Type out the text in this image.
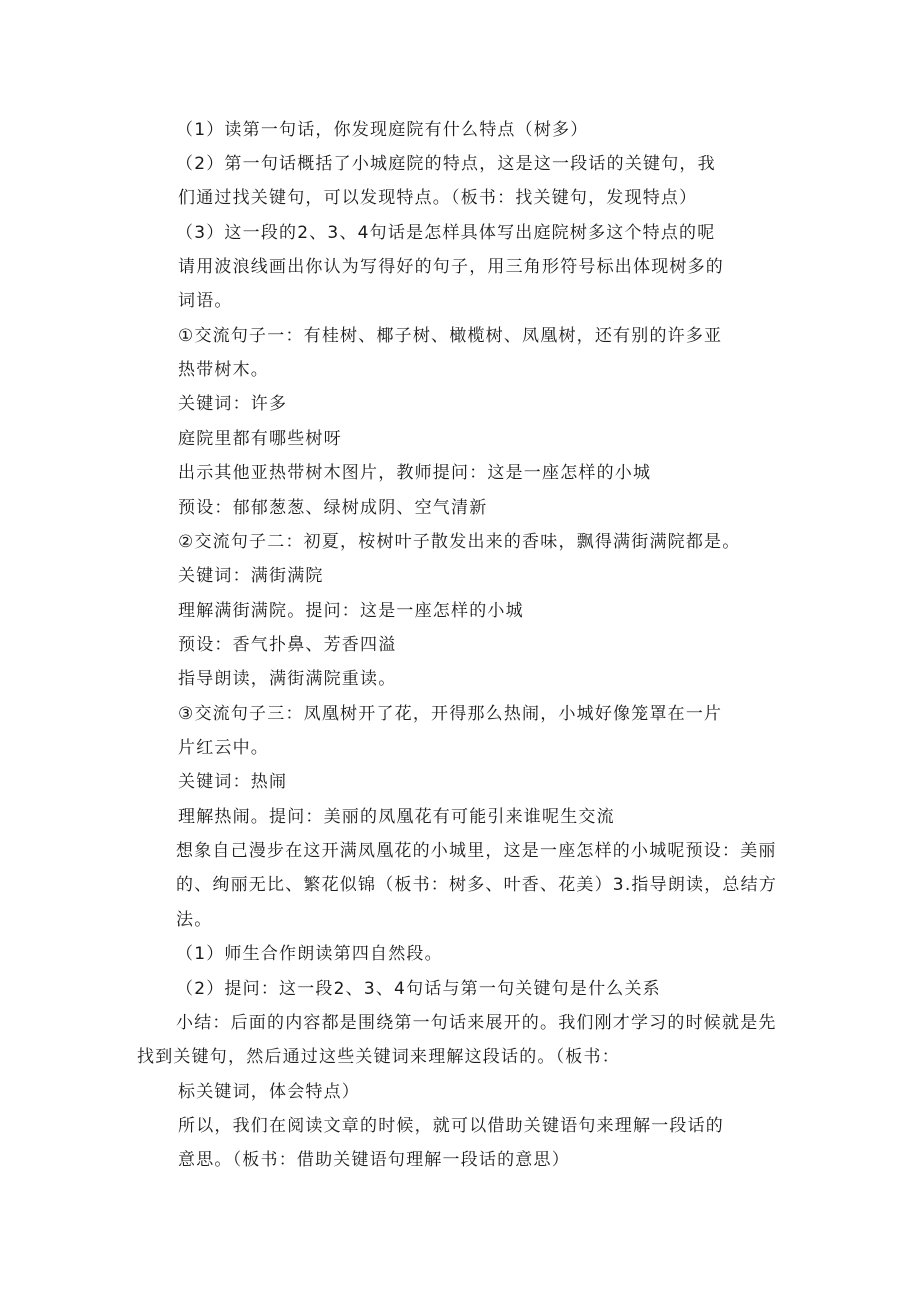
（1）读第一句话，你发现庭院有什么特点（树多）
（2）第一句话概括了小城庭院的特点，这是这一段话的关键句，我
们通过找关键句，可以发现特点。（板书：找关键句，发现特点）
（3）这一段的2、3、4句话是怎样具体写出庭院树多这个特点的呢
请用波浪线画出你认为写得好的句子，用三角形符号标出体现树多的
词语。
①交流句子一：有桂树、椰子树、橄榄树、凤凰树，还有别的许多亚
热带树木。
关键词：许多
庭院里都有哪些树呀
出示其他亚热带树木图片，教师提问：这是一座怎样的小城
预设：郁郁葱葱、绿树成阴、空气清新
②交流句子二：初夏，桉树叶子散发出来的香味，飘得满街满院都是。
关键词：满街满院
理解满街满院。提问：这是一座怎样的小城
预设：香气扑鼻、芳香四溢
指导朗读，满街满院重读。
③交流句子三：凤凰树开了花，开得那么热闹，小城好像笼罩在一片
片红云中。
关键词：热闹
理解热闹。提问：美丽的凤凰花有可能引来谁呢生交流
想象自己漫步在这开满凤凰花的小城里，这是一座怎样的小城呢预设：美丽
的、绚丽无比、繁花似锦（板书：树多、叶香、花美）3.指导朗读，总结方
法。
（1）师生合作朗读第四自然段。
（2）提问：这一段2、3、4句话与第一句关键句是什么关系
小结：后面的内容都是围绕第一句话来展开的。我们刚才学习的时候就是先
找到关键句，然后通过这些关键词来理解这段话的。（板书：
标关键词，体会特点）
所以，我们在阅读文章的时候，就可以借助关键语句来理解一段话的
意思。（板书：借助关键语句理解一段话的意思）
